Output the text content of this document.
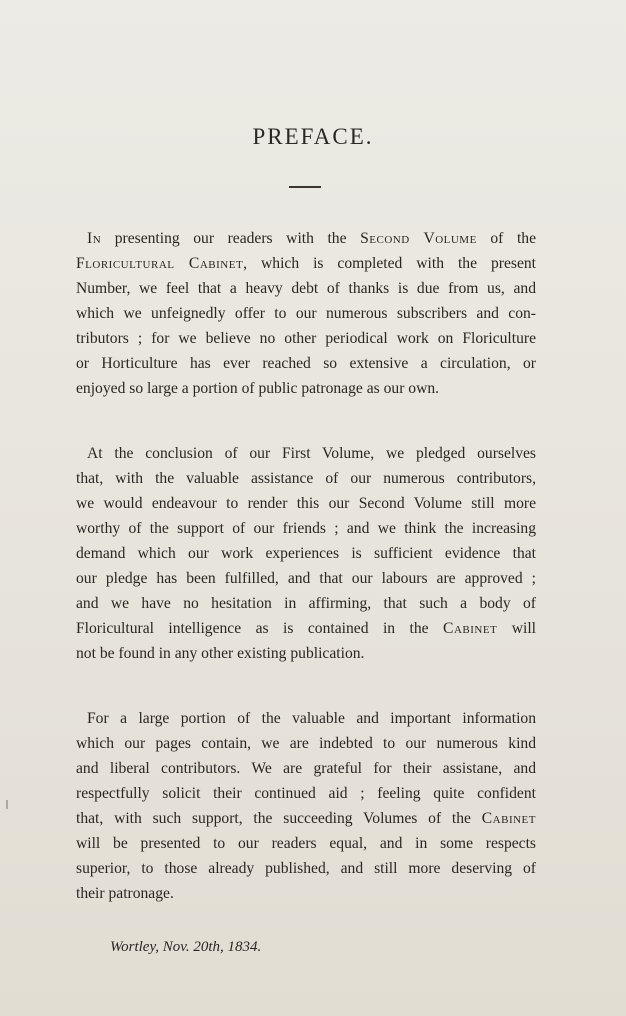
PREFACE.
In presenting our readers with the Second Volume of the
Floricultural Cabinet, which is completed with the present
Number, we feel that a heavy debt of thanks is due from us, and
which we unfeignedly offer to our numerous subscribers and con-
tributors ; for we believe no other periodical work on Floriculture
or Horticulture has ever reached so extensive a circulation, or
enjoyed so large a portion of public patronage as our own.
At the conclusion of our First Volume, we pledged ourselves
that, with the valuable assistance of our numerous contributors,
we would endeavour to render this our Second Volume still more
worthy of the support of our friends ; and we think the increasing
demand which our work experiences is sufficient evidence that
our pledge has been fulfilled, and that our labours are approved ;
and we have no hesitation in affirming, that such a body of
Floricultural intelligence as is contained in the Cabinet will
not be found in any other existing publication.
For a large portion of the valuable and important information
which our pages contain, we are indebted to our numerous kind
and liberal contributors. We are grateful for their assistane, and
respectfully solicit their continued aid ; feeling quite confident
that, with such support, the succeeding Volumes of the Cabinet
will be presented to our readers equal, and in some respects
superior, to those already published, and still more deserving of
their patronage.
Wortley, Nov. 20th, 1834.
